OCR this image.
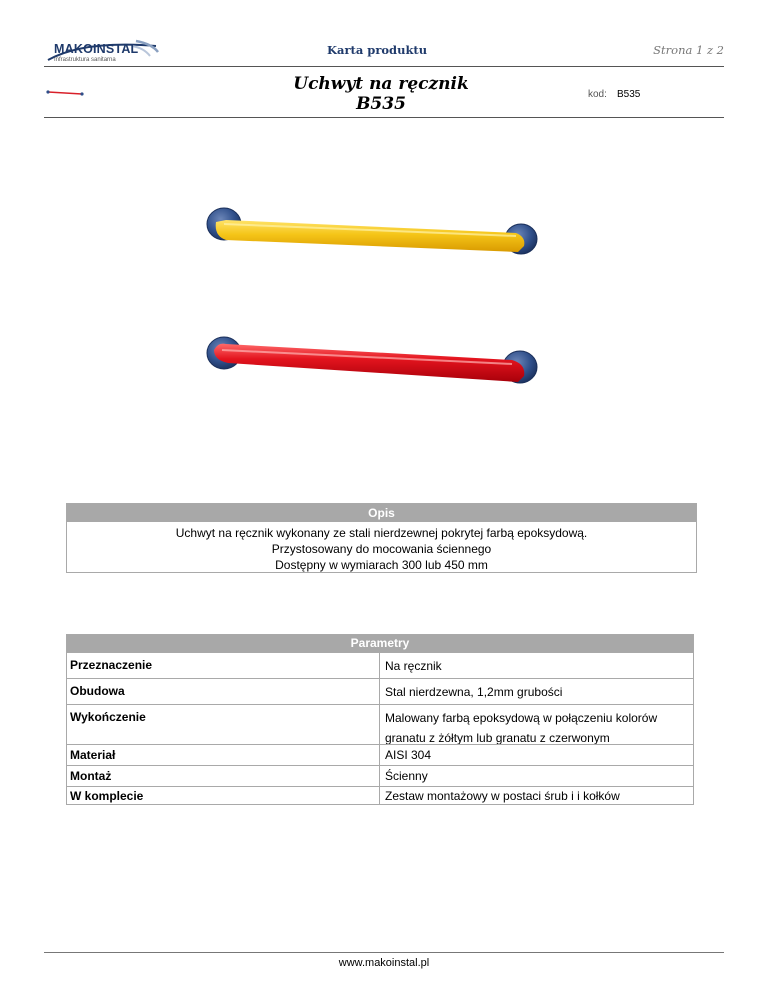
MAKOINSTAL
Infrastruktura sanitarna
Karta produktu	Strona 1 z 2
Uchwyt na ręcznik
B535	kod: B535
Opis
Uchwyt na ręcznik wykonany ze stali nierdzewnej pokrytej farbą epoksydową.
Przystosowany do mocowania ściennego
Dostępny w wymiarach 300 lub 450 mm
Parametry
Przeznaczenie	Na ręcznik
Obudowa	Stal nierdzewna, 1,2mm grubości
Wykończenie	Malowany farbą epoksydową w połączeniu kolorów granatu z żółtym lub granatu z czerwonym
Materiał	AISI 304
Montaż	Ścienny
W komplecie	Zestaw montażowy w postaci śrub i i kołków
www.makoinstal.pl
